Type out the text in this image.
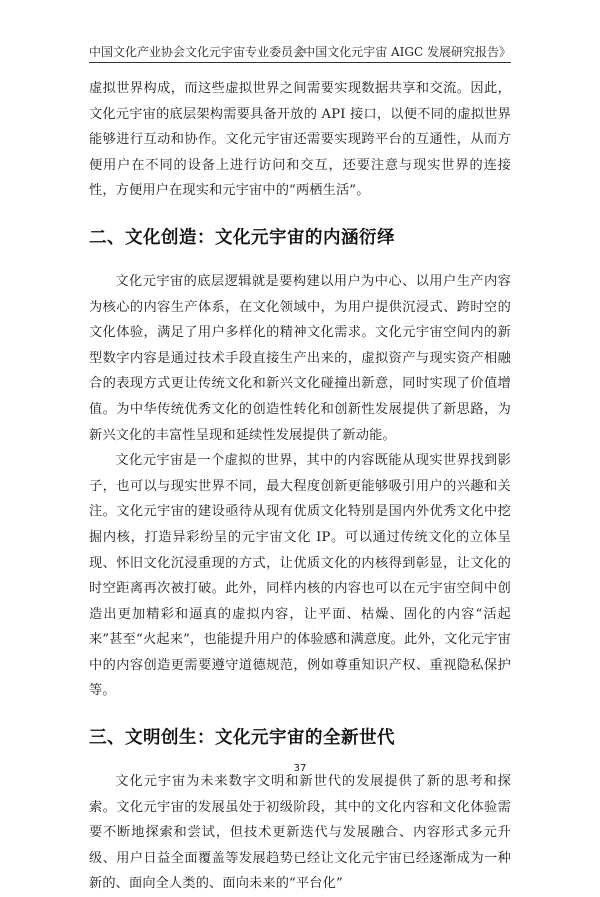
中国文化产业协会文化元宇宙专业委员会
《中国文化元宇宙 AIGC 发展研究报告》

虚拟世界构成，而这些虚拟世界之间需要实现数据共享和交流。因此，文化元宇宙的底层架构需要具备开放的 API 接口，以便不同的虚拟世界能够进行互动和协作。文化元宇宙还需要实现跨平台的互通性，从而方便用户在不同的设备上进行访问和交互，还要注意与现实世界的连接性，方便用户在现实和元宇宙中的“两栖生活”。

二、文化创造：文化元宇宙的内涵衍绎

文化元宇宙的底层逻辑就是要构建以用户为中心、以用户生产内容为核心的内容生产体系，在文化领域中，为用户提供沉浸式、跨时空的文化体验，满足了用户多样化的精神文化需求。文化元宇宙空间内的新型数字内容是通过技术手段直接生产出来的，虚拟资产与现实资产相融合的表现方式更让传统文化和新兴文化碰撞出新意，同时实现了价值增值。为中华传统优秀文化的创造性转化和创新性发展提供了新思路，为新兴文化的丰富性呈现和延续性发展提供了新动能。

文化元宇宙是一个虚拟的世界，其中的内容既能从现实世界找到影子，也可以与现实世界不同，最大程度创新更能够吸引用户的兴趣和关注。文化元宇宙的建设亟待从现有优质文化特别是国内外优秀文化中挖掘内核，打造异彩纷呈的元宇宙文化 IP。可以通过传统文化的立体呈现、怀旧文化沉浸重现的方式，让优质文化的内核得到彰显，让文化的时空距离再次被打破。此外，同样内核的内容也可以在元宇宙空间中创造出更加精彩和逼真的虚拟内容，让平面、枯燥、固化的内容“活起来”甚至“火起来”，也能提升用户的体验感和满意度。此外，文化元宇宙中的内容创造更需要遵守道德规范，例如尊重知识产权、重视隐私保护等。

三、文明创生：文化元宇宙的全新世代

文化元宇宙为未来数字文明和新世代的发展提供了新的思考和探索。文化元宇宙的发展虽处于初级阶段，其中的文化内容和文化体验需要不断地探索和尝试，但技术更新迭代与发展融合、内容形式多元升级、用户日益全面覆盖等发展趋势已经让文化元宇宙已经逐渐成为一种新的、面向全人类的、面向未来的“平台化”

37
